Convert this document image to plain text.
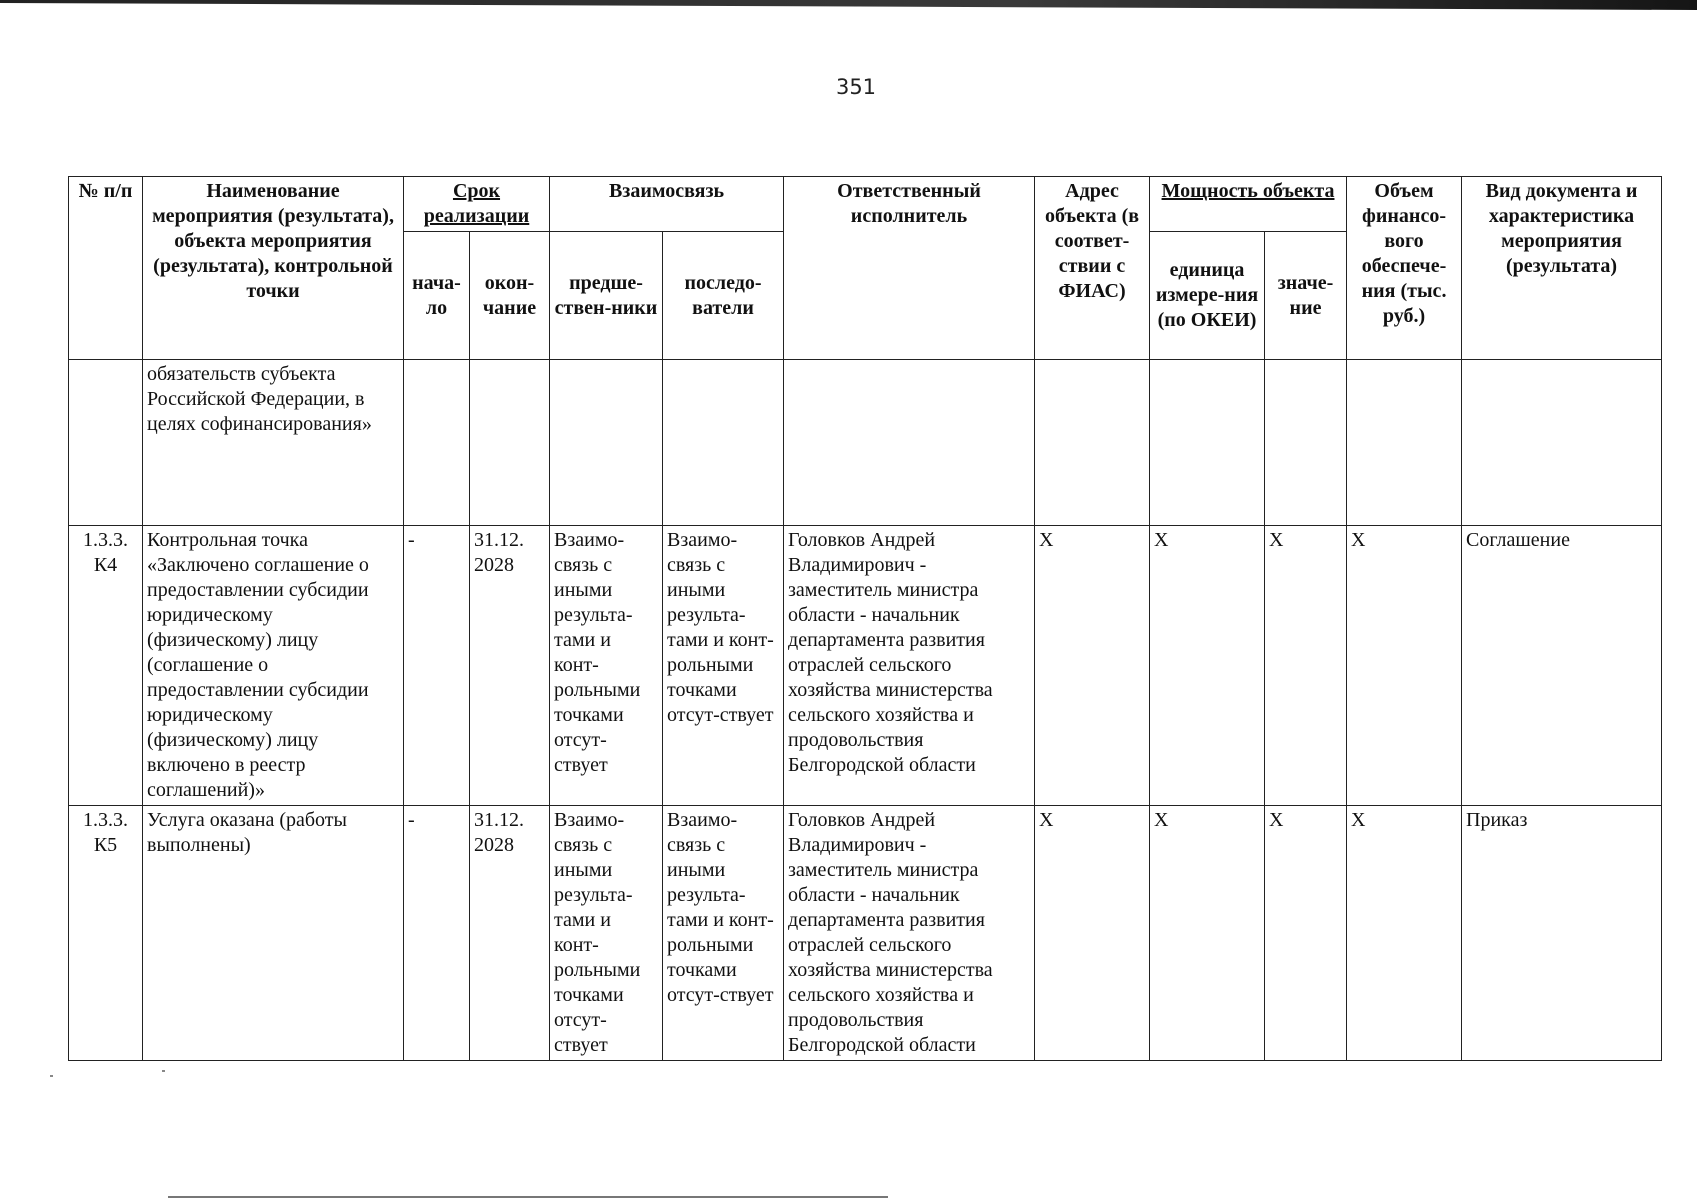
351
№ п/п	Наименование мероприятия (результата), объекта мероприятия (результата), контрольной точки	Срок реализации		Взаимосвязь		Ответственный исполнитель	Адрес объекта (в соответ-ствии с ФИАС)	Мощность объекта		Объем финансо-вого обеспече-ния (тыс. руб.)	Вид документа и характеристика мероприятия (результата)
		нача-ло	окон-чание	предше-ствен-ники	последо-ватели			единица измере-ния (по ОКЕИ)	значе-ние		
	обязательств субъекта Российской Федерации, в целях софинансирования»										
1.3.3. К4	Контрольная точка «Заключено соглашение о предоставлении субсидии юридическому (физическому) лицу (соглашение о предоставлении субсидии юридическому (физическому) лицу включено в реестр соглашений)»	-	31.12. 2028	Взаимо-связь с иными результа-тами и конт-рольными точками отсут-ствует	Взаимо-связь с иными результа-тами и конт-рольными точками отсут-ствует	Головков Андрей Владимирович - заместитель министра области - начальник департамента развития отраслей сельского хозяйства министерства сельского хозяйства и продовольствия Белгородской области	X	X	X	X	Соглашение
1.3.3. К5	Услуга оказана (работы выполнены)	-	31.12. 2028	Взаимо-связь с иными результа-тами и конт-рольными точками отсут-ствует	Взаимо-связь с иными результа-тами и конт-рольными точками отсут-ствует	Головков Андрей Владимирович - заместитель министра области - начальник департамента развития отраслей сельского хозяйства министерства сельского хозяйства и продовольствия Белгородской области	X	X	X	X	Приказ
